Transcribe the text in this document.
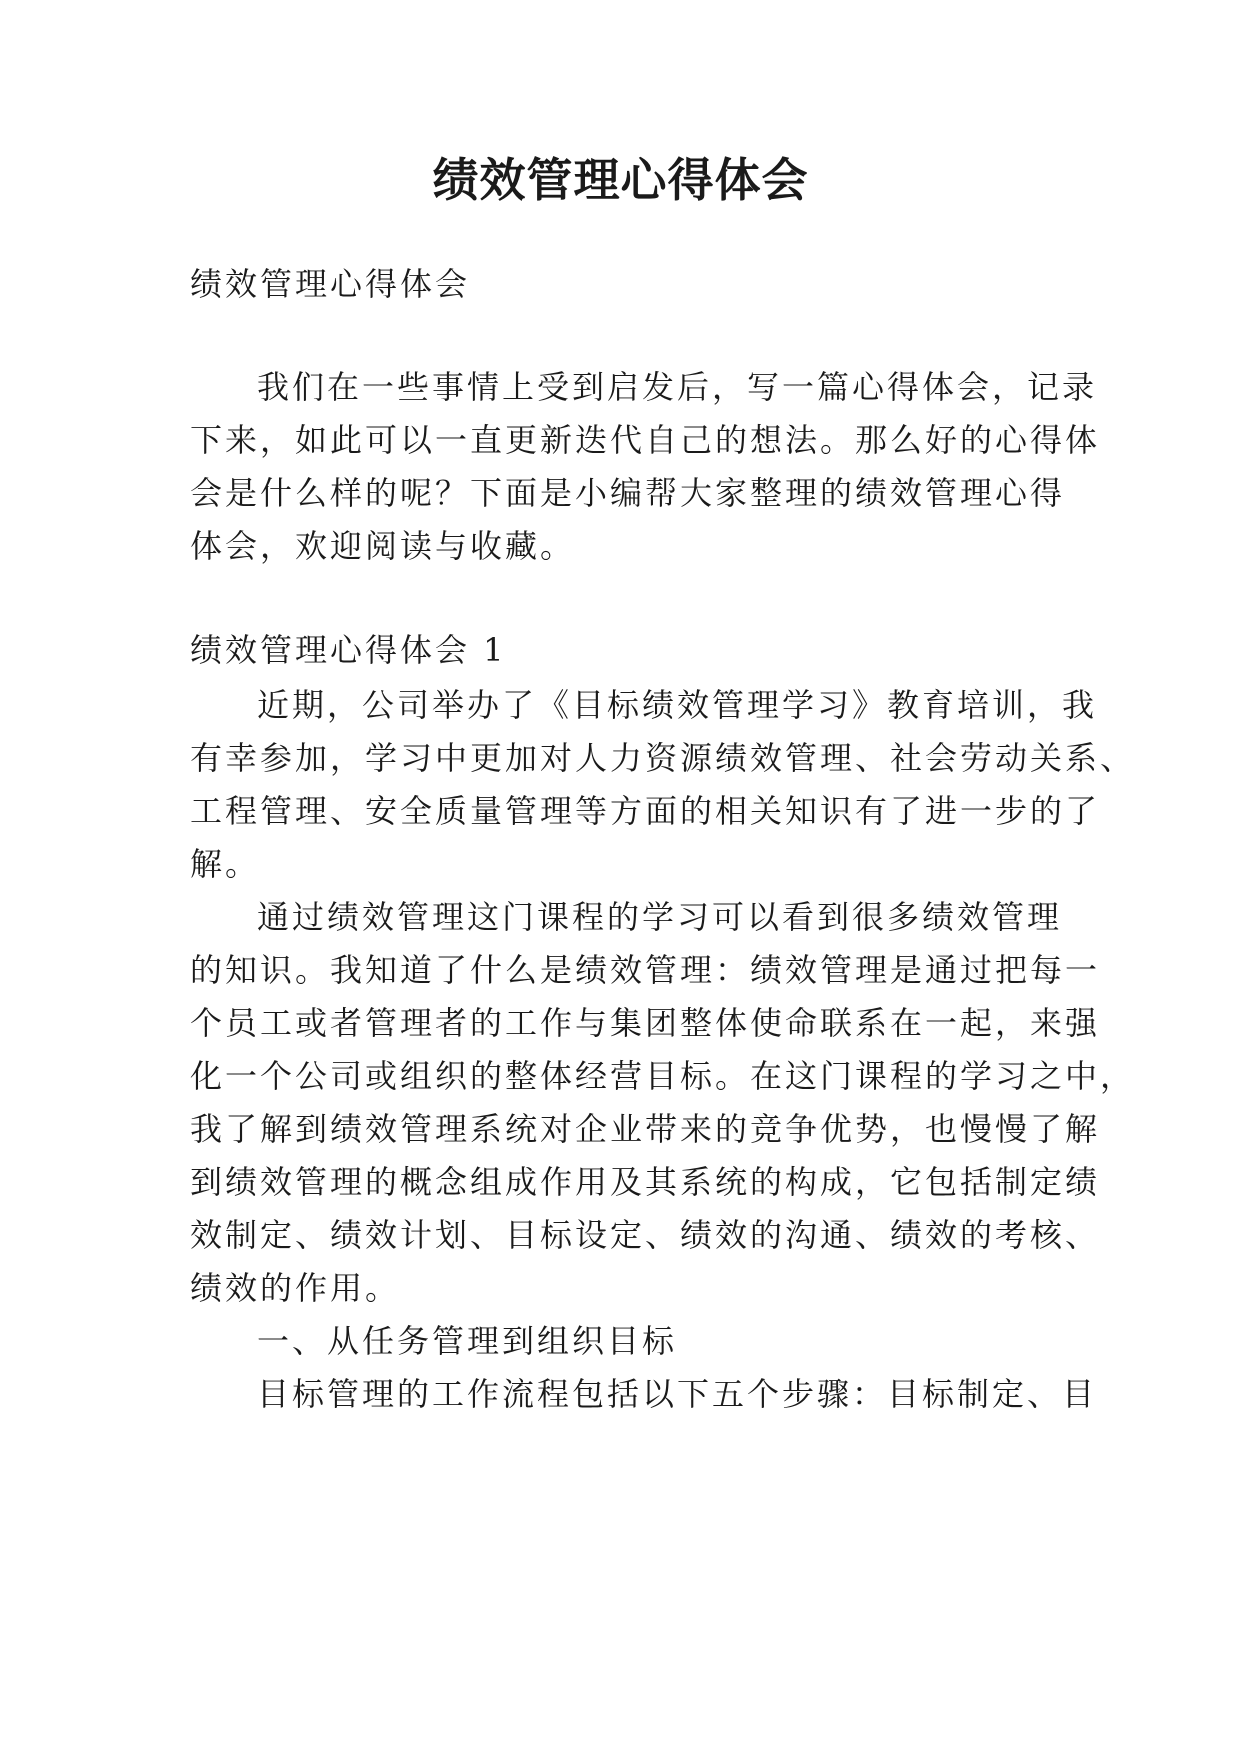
绩效管理心得体会
绩效管理心得体会
我们在一些事情上受到启发后，写一篇心得体会，记录
下来，如此可以一直更新迭代自己的想法。那么好的心得体
会是什么样的呢？下面是小编帮大家整理的绩效管理心得
体会，欢迎阅读与收藏。
绩效管理心得体会 1
近期，公司举办了《目标绩效管理学习》教育培训，我
有幸参加，学习中更加对人力资源绩效管理、社会劳动关系、
工程管理、安全质量管理等方面的相关知识有了进一步的了
解。
通过绩效管理这门课程的学习可以看到很多绩效管理
的知识。我知道了什么是绩效管理：绩效管理是通过把每一
个员工或者管理者的工作与集团整体使命联系在一起，来强
化一个公司或组织的整体经营目标。在这门课程的学习之中，
我了解到绩效管理系统对企业带来的竞争优势，也慢慢了解
到绩效管理的概念组成作用及其系统的构成，它包括制定绩
效制定、绩效计划、目标设定、绩效的沟通、绩效的考核、
绩效的作用。
一、从任务管理到组织目标
目标管理的工作流程包括以下五个步骤：目标制定、目
